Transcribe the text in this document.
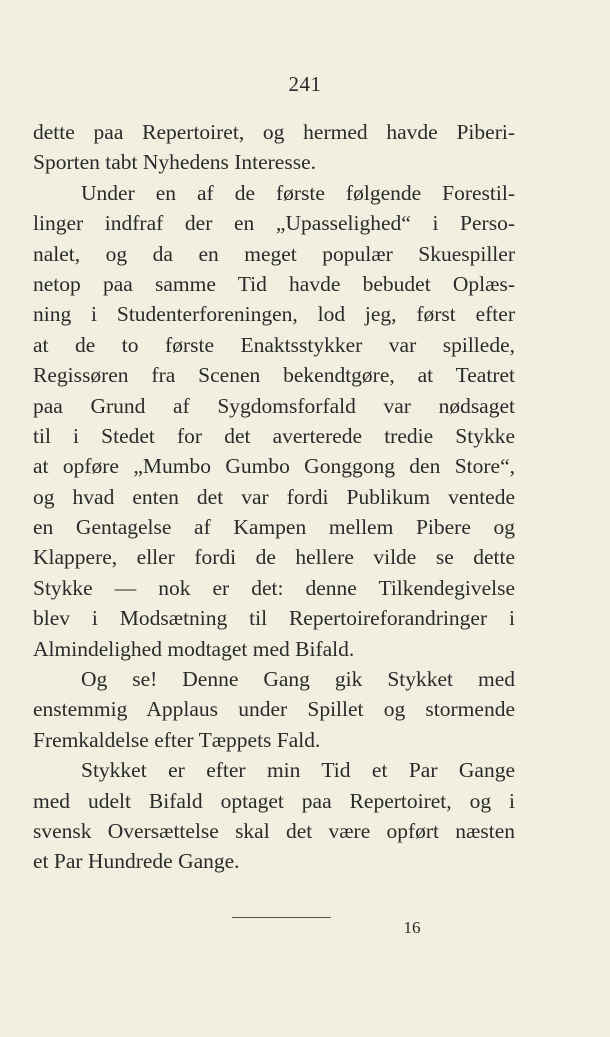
241
dette paa Repertoiret, og hermed havde Piberi-
Sporten tabt Nyhedens Interesse.
Under en af de første følgende Forestil-
linger indfraf der en „Upasselighed“ i Perso-
nalet, og da en meget populær Skuespiller
netop paa samme Tid havde bebudet Oplæs-
ning i Studenterforeningen, lod jeg, først efter
at de to første Enaktsstykker var spillede,
Regissøren fra Scenen bekendtgøre, at Teatret
paa Grund af Sygdomsforfald var nødsaget
til i Stedet for det averterede tredie Stykke
at opføre „Mumbo Gumbo Gonggong den Store“,
og hvad enten det var fordi Publikum ventede
en Gentagelse af Kampen mellem Pibere og
Klappere, eller fordi de hellere vilde se dette
Stykke — nok er det: denne Tilkendegivelse
blev i Modsætning til Repertoireforandringer i
Almindelighed modtaget med Bifald.
Og se! Denne Gang gik Stykket med
enstemmig Applaus under Spillet og stormende
Fremkaldelse efter Tæppets Fald.
Stykket er efter min Tid et Par Gange
med udelt Bifald optaget paa Repertoiret, og i
svensk Oversættelse skal det være opført næsten
et Par Hundrede Gange.
16
